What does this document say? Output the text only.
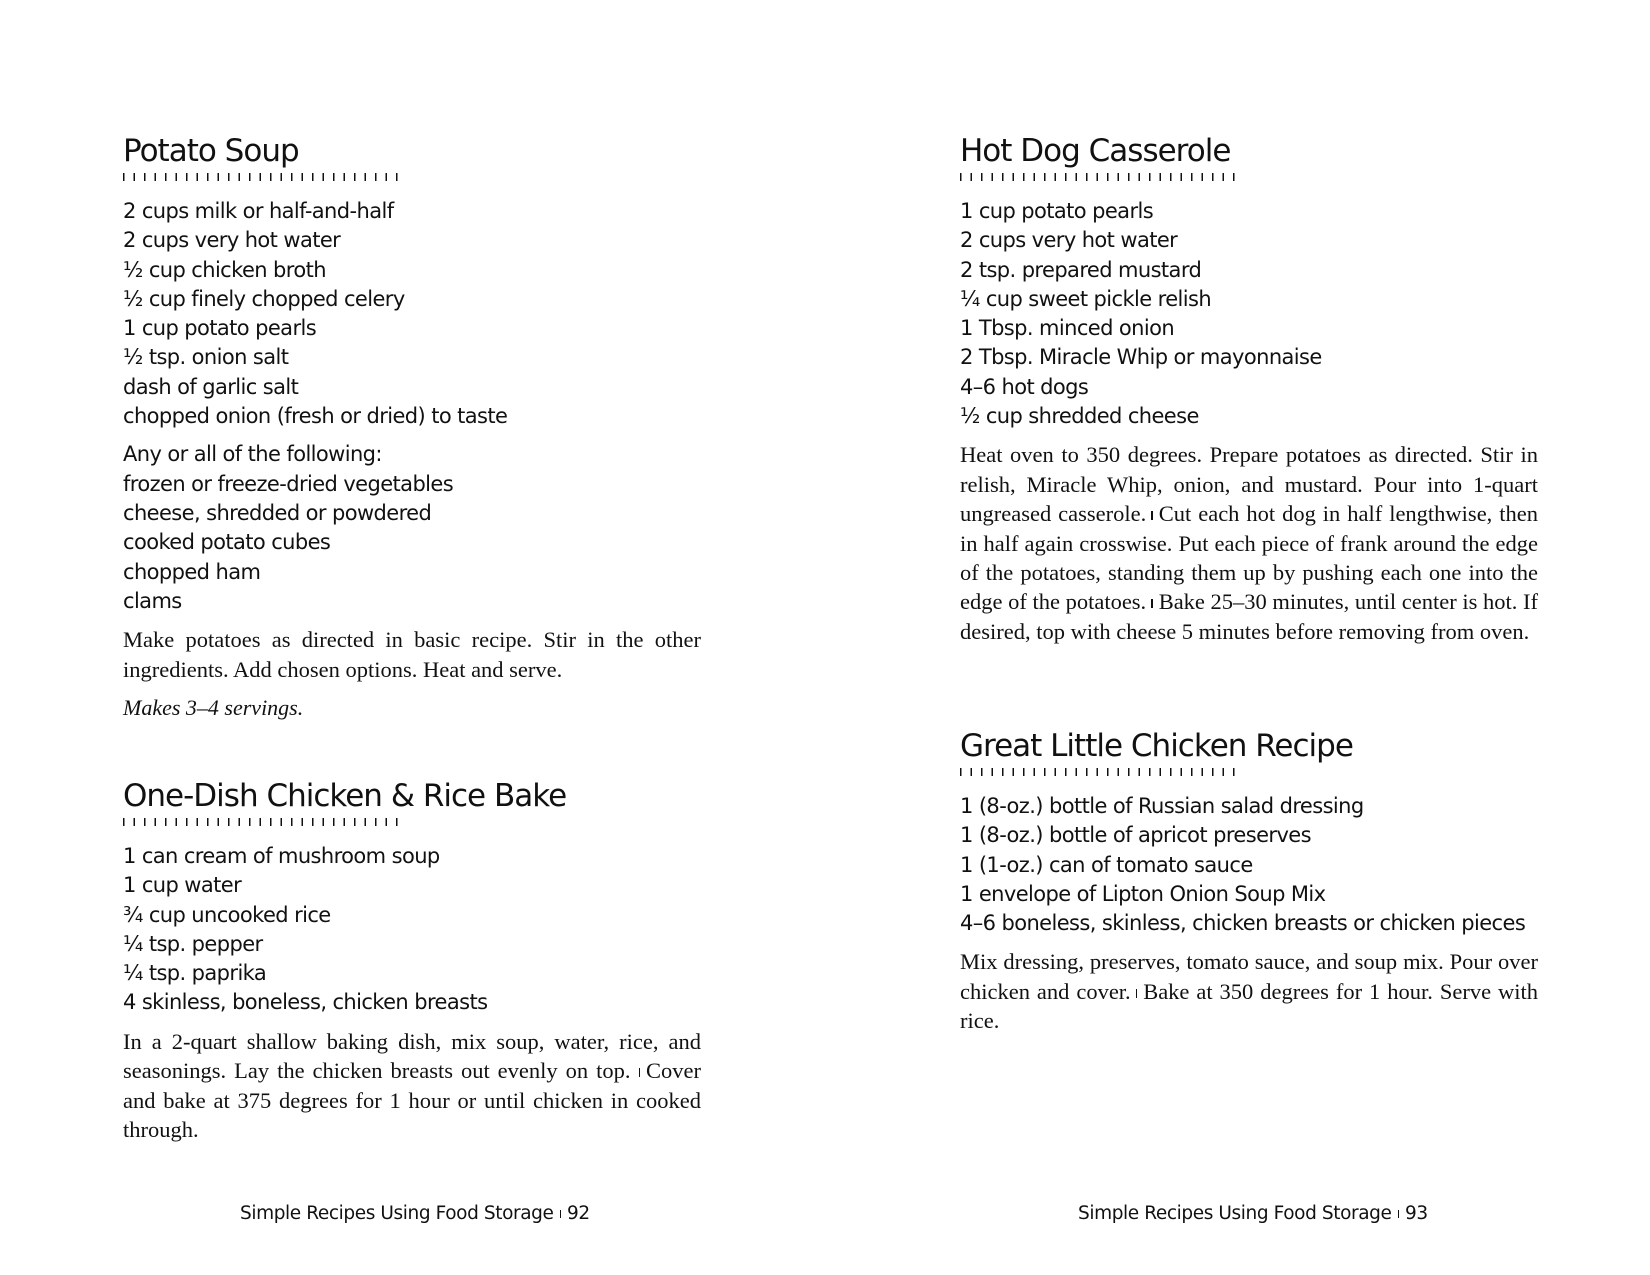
Potato Soup
2 cups milk or half-and-half
2 cups very hot water
½ cup chicken broth
½ cup finely chopped celery
1 cup potato pearls
½ tsp. onion salt
dash of garlic salt
chopped onion (fresh or dried) to taste
Any or all of the following:
frozen or freeze-dried vegetables
cheese, shredded or powdered
cooked potato cubes
chopped ham
clams

Make potatoes as directed in basic recipe. Stir in the other ingredients. Add chosen options. Heat and serve.

Makes 3–4 servings.

One-Dish Chicken & Rice Bake
1 can cream of mushroom soup
1 cup water
¾ cup uncooked rice
¼ tsp. pepper
¼ tsp. paprika
4 skinless, boneless, chicken breasts

In a 2-quart shallow baking dish, mix soup, water, rice, and seasonings. Lay the chicken breasts out evenly on top. Cover and bake at 375 degrees for 1 hour or until chicken in cooked through.

Simple Recipes Using Food Storage 92
Hot Dog Casserole
1 cup potato pearls
2 cups very hot water
2 tsp. prepared mustard
¼ cup sweet pickle relish
1 Tbsp. minced onion
2 Tbsp. Miracle Whip or mayonnaise
4–6 hot dogs
½ cup shredded cheese

Heat oven to 350 degrees. Prepare potatoes as directed. Stir in relish, Miracle Whip, onion, and mustard. Pour into 1-quart ungreased casserole. Cut each hot dog in half lengthwise, then in half again crosswise. Put each piece of frank around the edge of the potatoes, standing them up by pushing each one into the edge of the potatoes. Bake 25–30 minutes, until center is hot. If desired, top with cheese 5 minutes before removing from oven.

Great Little Chicken Recipe
1 (8-oz.) bottle of Russian salad dressing
1 (8-oz.) bottle of apricot preserves
1 (1-oz.) can of tomato sauce
1 envelope of Lipton Onion Soup Mix
4–6 boneless, skinless, chicken breasts or chicken pieces

Mix dressing, preserves, tomato sauce, and soup mix. Pour over chicken and cover. Bake at 350 degrees for 1 hour. Serve with rice.

Simple Recipes Using Food Storage 93
